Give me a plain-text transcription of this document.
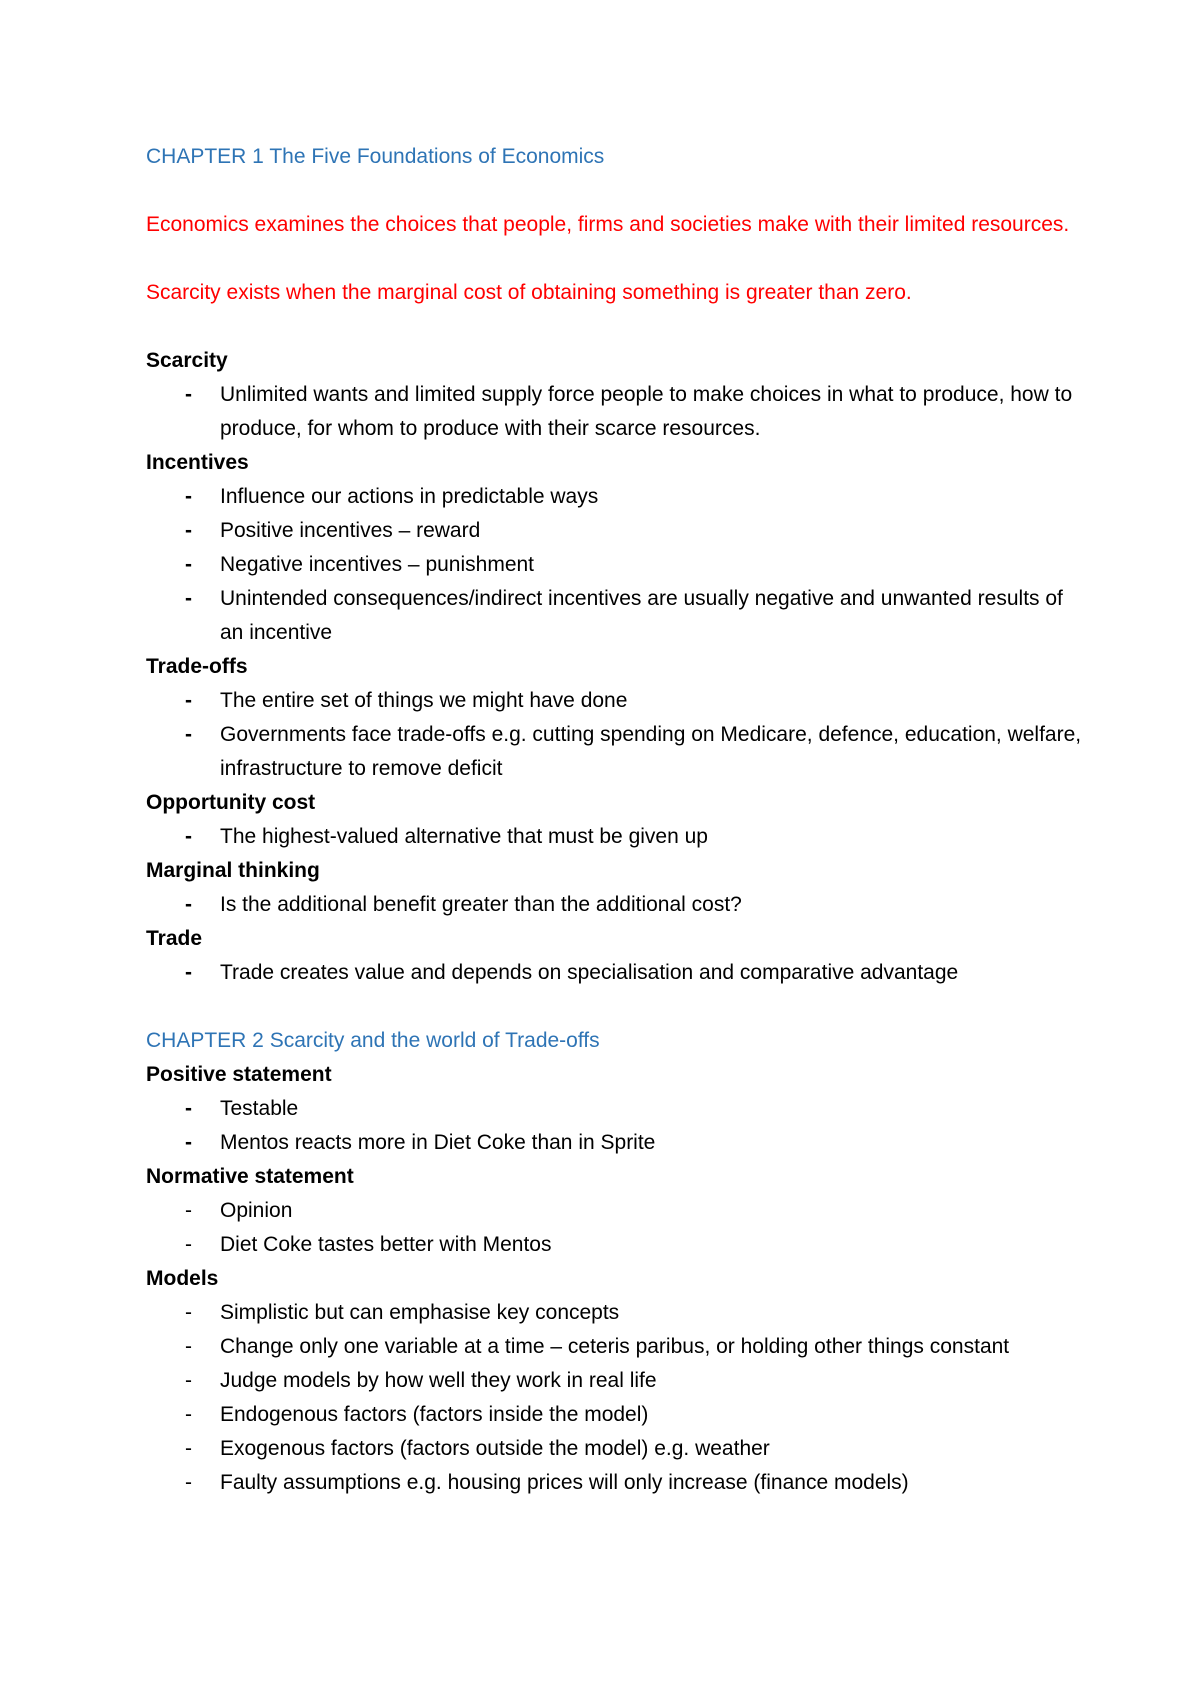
CHAPTER 1 The Five Foundations of Economics

Economics examines the choices that people, firms and societies make with their limited resources.

Scarcity exists when the marginal cost of obtaining something is greater than zero.

Scarcity

- Unlimited wants and limited supply force people to make choices in what to produce, how to produce, for whom to produce with their scarce resources.

Incentives

- Influence our actions in predictable ways
- Positive incentives – reward
- Negative incentives – punishment
- Unintended consequences/indirect incentives are usually negative and unwanted results of an incentive

Trade-offs

- The entire set of things we might have done
- Governments face trade-offs e.g. cutting spending on Medicare, defence, education, welfare, infrastructure to remove deficit

Opportunity cost

- The highest-valued alternative that must be given up

Marginal thinking

- Is the additional benefit greater than the additional cost?

Trade

- Trade creates value and depends on specialisation and comparative advantage

CHAPTER 2 Scarcity and the world of Trade-offs

Positive statement

- Testable
- Mentos reacts more in Diet Coke than in Sprite

Normative statement

- Opinion
- Diet Coke tastes better with Mentos

Models

- Simplistic but can emphasise key concepts
- Change only one variable at a time – ceteris paribus, or holding other things constant
- Judge models by how well they work in real life
- Endogenous factors (factors inside the model)
- Exogenous factors (factors outside the model) e.g. weather
- Faulty assumptions e.g. housing prices will only increase (finance models)
